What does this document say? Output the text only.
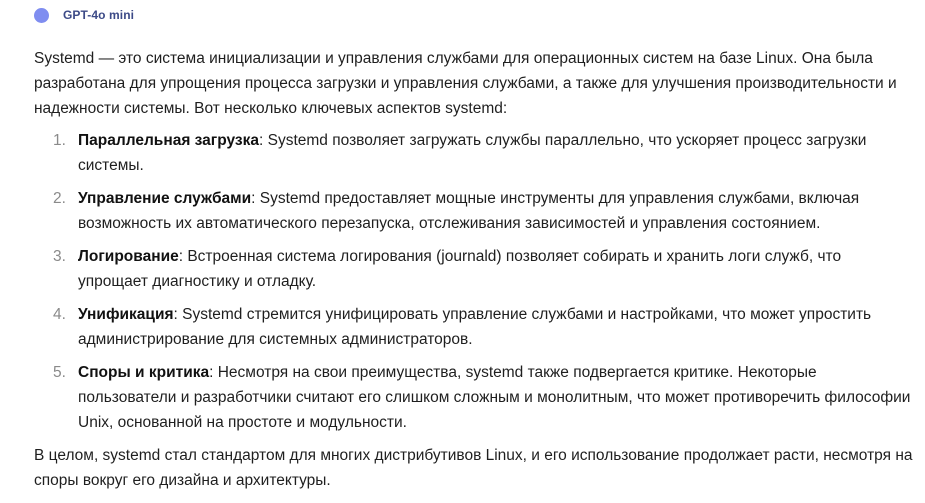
GPT-4o mini

Systemd — это система инициализации и управления службами для операционных систем на базе Linux. Она была разработана для упрощения процесса загрузки и управления службами, а также для улучшения производительности и надежности системы. Вот несколько ключевых аспектов systemd:

1. Параллельная загрузка: Systemd позволяет загружать службы параллельно, что ускоряет процесс загрузки системы.
2. Управление службами: Systemd предоставляет мощные инструменты для управления службами, включая возможность их автоматического перезапуска, отслеживания зависимостей и управления состоянием.
3. Логирование: Встроенная система логирования (journald) позволяет собирать и хранить логи служб, что упрощает диагностику и отладку.
4. Унификация: Systemd стремится унифицировать управление службами и настройками, что может упростить администрирование для системных администраторов.
5. Споры и критика: Несмотря на свои преимущества, systemd также подвергается критике. Некоторые пользователи и разработчики считают его слишком сложным и монолитным, что может противоречить философии Unix, основанной на простоте и модульности.

В целом, systemd стал стандартом для многих дистрибутивов Linux, и его использование продолжает расти, несмотря на споры вокруг его дизайна и архитектуры.
